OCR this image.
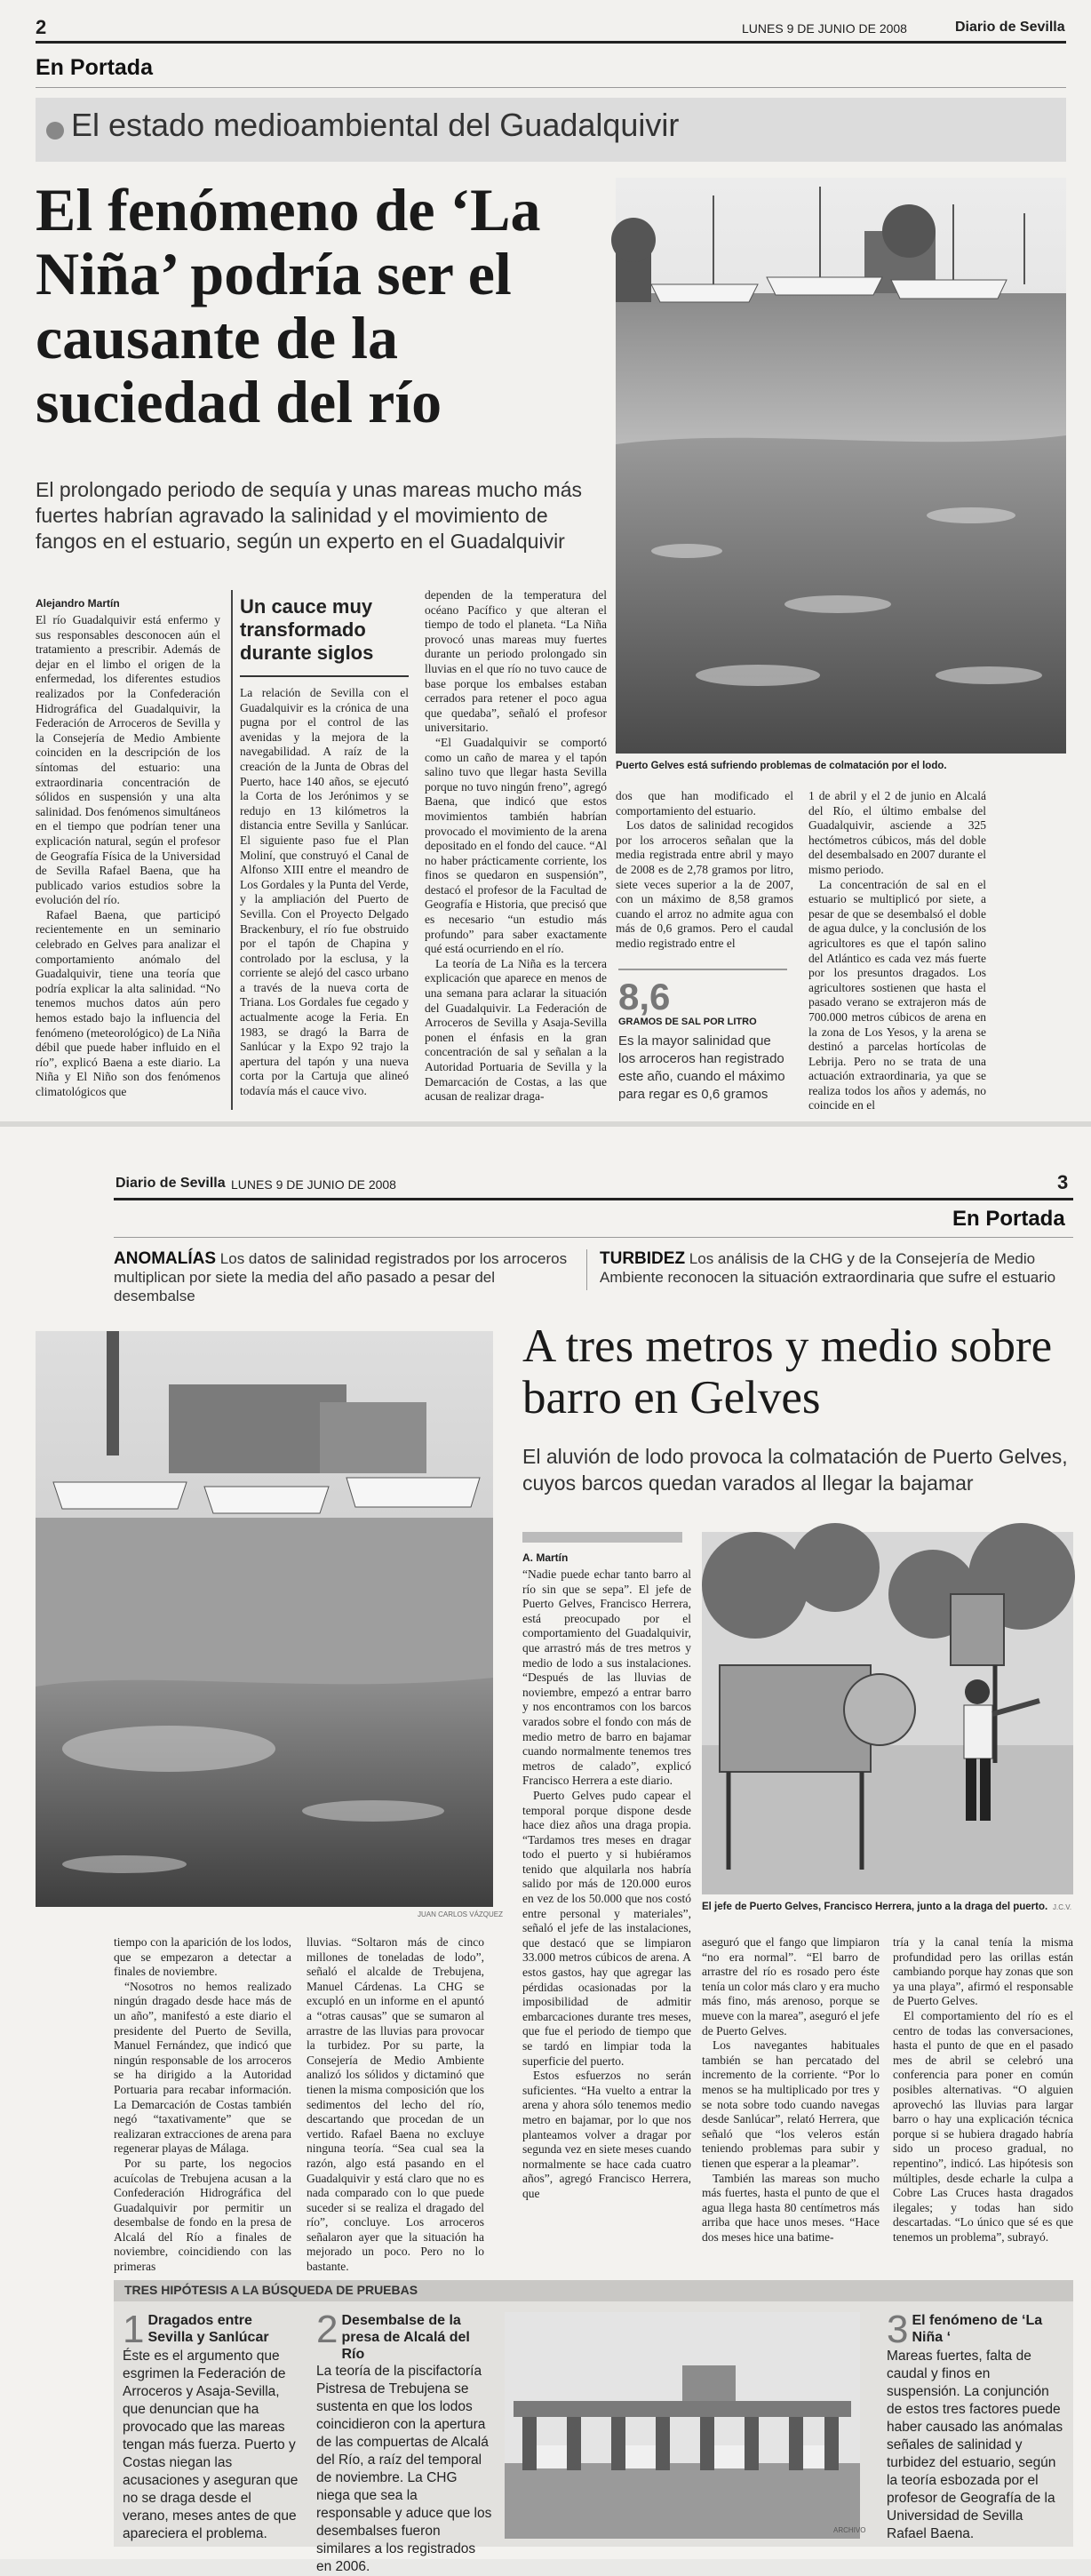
2	LUNES 9 DE JUNIO DE 2008	Diario de Sevilla
En Portada
El estado medioambiental del Guadalquivir
El fenómeno de ‘La Niña’ podría ser el causante de la suciedad del río
El prolongado periodo de sequía y unas mareas mucho más fuertes habrían agravado la salinidad y el movimiento de fangos en el estuario, según un experto en el Guadalquivir
Alejandro Martín

El río Guadalquivir está enfermo y sus responsables desconocen aún el tratamiento a prescribir. Además de dejar en el limbo el origen de la enfermedad, los diferentes estudios realizados por la Confederación Hidrográfica del Guadalquivir, la Federación de Arroceros de Sevilla y la Consejería de Medio Ambiente coinciden en la descripción de los síntomas del estuario: una extraordinaria concentración de sólidos en suspensión y una alta salinidad. Dos fenómenos simultáneos en el tiempo que podrían tener una explicación natural, según el profesor de Geografía Física de la Universidad de Sevilla Rafael Baena, que ha publicado varios estudios sobre la evolución del río.

Rafael Baena, que participó recientemente en un seminario celebrado en Gelves para analizar el comportamiento anómalo del Guadalquivir, tiene una teoría que podría explicar la alta salinidad. “No tenemos muchos datos aún pero hemos estado bajo la influencia del fenómeno (meteorológico) de La Niña débil que puede haber influido en el río”, explicó Baena a este diario. La Niña y El Niño son dos fenómenos climatológicos que

Un cauce muy transformado durante siglos

La relación de Sevilla con el Guadalquivir es la crónica de una pugna por el control de las avenidas y la mejora de la navegabilidad. A raíz de la creación de la Junta de Obras del Puerto, hace 140 años, se ejecutó la Corta de los Jerónimos y se redujo en 13 kilómetros la distancia entre Sevilla y Sanlúcar. El siguiente paso fue el Plan Moliní, que construyó el Canal de Alfonso XIII entre el meandro de Los Gordales y la Punta del Verde, y la ampliación del Puerto de Sevilla. Con el Proyecto Delgado Brackenbury, el río fue obstruido por el tapón de Chapina y controlado por la esclusa, y la corriente se alejó del casco urbano a través de la nueva corta de Triana. Los Gordales fue cegado y actualmente acoge la Feria. En 1983, se dragó la Barra de Sanlúcar y la Expo 92 trajo la apertura del tapón y una nueva corta por la Cartuja que alineó todavía más el cauce vivo.

dependen de la temperatura del océano Pacífico y que alteran el tiempo de todo el planeta. “La Niña provocó unas mareas muy fuertes durante un periodo prolongado sin lluvias en el que río no tuvo cauce de base porque los embalses estaban cerrados para retener el poco agua que quedaba”, señaló el profesor universitario.

“El Guadalquivir se comportó como un caño de marea y el tapón salino tuvo que llegar hasta Sevilla porque no tuvo ningún freno”, agregó Baena, que indicó que estos movimientos también habrían provocado el movimiento de la arena depositado en el fondo del cauce. “Al no haber prácticamente corriente, los finos se quedaron en suspensión”, destacó el profesor de la Facultad de Geografía e Historia, que precisó que es necesario “un estudio más profundo” para saber exactamente qué está ocurriendo en el río.

La teoría de La Niña es la tercera explicación que aparece en menos de una semana para aclarar la situación del Guadalquivir. La Federación de Arroceros de Sevilla y Asaja-Sevilla ponen el énfasis en la gran concentración de sal y señalan a la Autoridad Portuaria de Sevilla y la Demarcación de Costas, a las que acusan de realizar draga-

Puerto Gelves está sufriendo problemas de colmatación por el lodo.

dos que han modificado el comportamiento del estuario.

Los datos de salinidad recogidos por los arroceros señalan que la media registrada entre abril y mayo de 2008 es de 2,78 gramos por litro, siete veces superior a la de 2007, con un máximo de 8,58 gramos cuando el arroz no admite agua con más de 0,6 gramos. Pero el caudal medio registrado entre el

8,6
GRAMOS DE SAL POR LITRO
Es la mayor salinidad que los arroceros han registrado este año, cuando el máximo para regar es 0,6 gramos

1 de abril y el 2 de junio en Alcalá del Río, el último embalse del Guadalquivir, asciende a 325 hectómetros cúbicos, más del doble del desembalsado en 2007 durante el mismo periodo.

La concentración de sal en el estuario se multiplicó por siete, a pesar de que se desembalsó el doble de agua dulce, y la conclusión de los agricultores es que el tapón salino del Atlántico es cada vez más fuerte por los presuntos dragados. Los agricultores sostienen que hasta el pasado verano se extrajeron más de 700.000 metros cúbicos de arena en la zona de Los Yesos, y la arena se destinó a parcelas hortícolas de Lebrija. Pero no se trata de una actuación extraordinaria, ya que se realiza todos los años y además, no coincide en el

Diario de Sevilla LUNES 9 DE JUNIO DE 2008	3
En Portada
ANOMALÍAS Los datos de salinidad registrados por los arroceros multiplican por siete la media del año pasado a pesar del desembalse
TURBIDEZ Los análisis de la CHG y de la Consejería de Medio Ambiente reconocen la situación extraordinaria que sufre el estuario
JUAN CARLOS VÁZQUEZ
A tres metros y medio sobre barro en Gelves
El aluvión de lodo provoca la colmatación de Puerto Gelves, cuyos barcos quedan varados al llegar la bajamar
A. Martín

“Nadie puede echar tanto barro al río sin que se sepa”. El jefe de Puerto Gelves, Francisco Herrera, está preocupado por el comportamiento del Guadalquivir, que arrastró más de tres metros y medio de lodo a sus instalaciones. “Después de las lluvias de noviembre, empezó a entrar barro y nos encontramos con los barcos varados sobre el fondo con más de medio metro de barro en bajamar cuando normalmente tenemos tres metros de calado”, explicó Francisco Herrera a este diario.

Puerto Gelves pudo capear el temporal porque dispone desde hace diez años una draga propia. “Tardamos tres meses en dragar todo el puerto y si hubiéramos tenido que alquilarla nos habría salido por más de 120.000 euros en vez de los 50.000 que nos costó entre personal y materiales”, señaló el jefe de las instalaciones, que destacó que se limpiaron 33.000 metros cúbicos de arena. A estos gastos, hay que agregar las pérdidas ocasionadas por la imposibilidad de admitir embarcaciones durante tres meses, que fue el periodo de tiempo que se tardó en limpiar toda la superficie del puerto.

Estos esfuerzos no serán suficientes. “Ha vuelto a entrar la arena y ahora sólo tenemos medio metro en bajamar, por lo que nos planteamos volver a dragar por segunda vez en siete meses cuando normalmente se hace cada cuatro años”, agregó Francisco Herrera, que

El jefe de Puerto Gelves, Francisco Herrera, junto a la draga del puerto. J.C.V.

tiempo con la aparición de los lodos, que se empezaron a detectar a finales de noviembre.

“Nosotros no hemos realizado ningún dragado desde hace más de un año”, manifestó a este diario el presidente del Puerto de Sevilla, Manuel Fernández, que indicó que ningún responsable de los arroceros se ha dirigido a la Autoridad Portuaria para recabar información. La Demarcación de Costas también negó “taxativamente” que se realizaran extracciones de arena para regenerar playas de Málaga.

Por su parte, los negocios acuícolas de Trebujena acusan a la Confederación Hidrográfica del Guadalquivir por permitir un desembalse de fondo en la presa de Alcalá del Río a finales de noviembre, coincidiendo con las primeras

lluvias. “Soltaron más de cinco millones de toneladas de lodo”, señaló el alcalde de Trebujena, Manuel Cárdenas. La CHG se excupló en un informe en el apuntó a “otras causas” que se sumaron al arrastre de las lluvias para provocar la turbidez. Por su parte, la Consejería de Medio Ambiente analizó los sólidos y dictaminó que tienen la misma composición que los sedimentos del lecho del río, descartando que procedan de un vertido. Rafael Baena no excluye ninguna teoría. “Sea cual sea la razón, algo está pasando en el Guadalquivir y está claro que no es nada comparado con lo que puede suceder si se realiza el dragado del río”, concluye. Los arroceros señalaron ayer que la situación ha mejorado un poco. Pero no lo bastante.

aseguró que el fango que limpiaron “no era normal”. “El barro de arrastre del río es rosado pero éste tenía un color más claro y era mucho más fino, más arenoso, porque se mueve con la marea”, aseguró el jefe de Puerto Gelves.

Los navegantes habituales también se han percatado del incremento de la corriente. “Por lo menos se ha multiplicado por tres y se nota sobre todo cuando navegas desde Sanlúcar”, relató Herrera, que señaló que “los veleros están teniendo problemas para subir y tienen que esperar a la pleamar”.

También las mareas son mucho más fuertes, hasta el punto de que el agua llega hasta 80 centímetros más arriba que hace unos meses. “Hace dos meses hice una batime-

tría y la canal tenía la misma profundidad pero las orillas están cambiando porque hay zonas que son ya una playa”, afirmó el responsable de Puerto Gelves.

El comportamiento del río es el centro de todas las conversaciones, hasta el punto de que en el pasado mes de abril se celebró una conferencia para poner en común posibles alternativas. “O alguien aprovechó las lluvias para largar barro o hay una explicación técnica porque si se hubiera dragado habría sido un proceso gradual, no repentino”, indicó. Las hipótesis son múltiples, desde echarle la culpa a Cobre Las Cruces hasta dragados ilegales; y todas han sido descartadas. “Lo único que sé es que tenemos un problema”, subrayó.

TRES HIPÓTESIS A LA BÚSQUEDA DE PRUEBAS
1 Dragados entre Sevilla y Sanlúcar
Éste es el argumento que esgrimen la Federación de Arroceros y Asaja-Sevilla, que denuncian que ha provocado que las mareas tengan más fuerza. Puerto y Costas niegan las acusaciones y aseguran que no se draga desde el verano, meses antes de que apareciera el problema.
2 Desembalse de la presa de Alcalá del Río
La teoría de la piscifactoría Pistresa de Trebujena se sustenta en que los lodos coincidieron con la apertura de las compuertas de Alcalá del Río, a raíz del temporal de noviembre. La CHG niega que sea la responsable y aduce que los desembalses fueron similares a los registrados en 2006.
ARCHIVO
3 El fenómeno de ‘La Niña ‘
Mareas fuertes, falta de caudal y finos en suspensión. La conjunción de estos tres factores puede haber causado las anómalas señales de salinidad y turbidez del estuario, según la teoría esbozada por el profesor de Geografía de la Universidad de Sevilla Rafael Baena.
